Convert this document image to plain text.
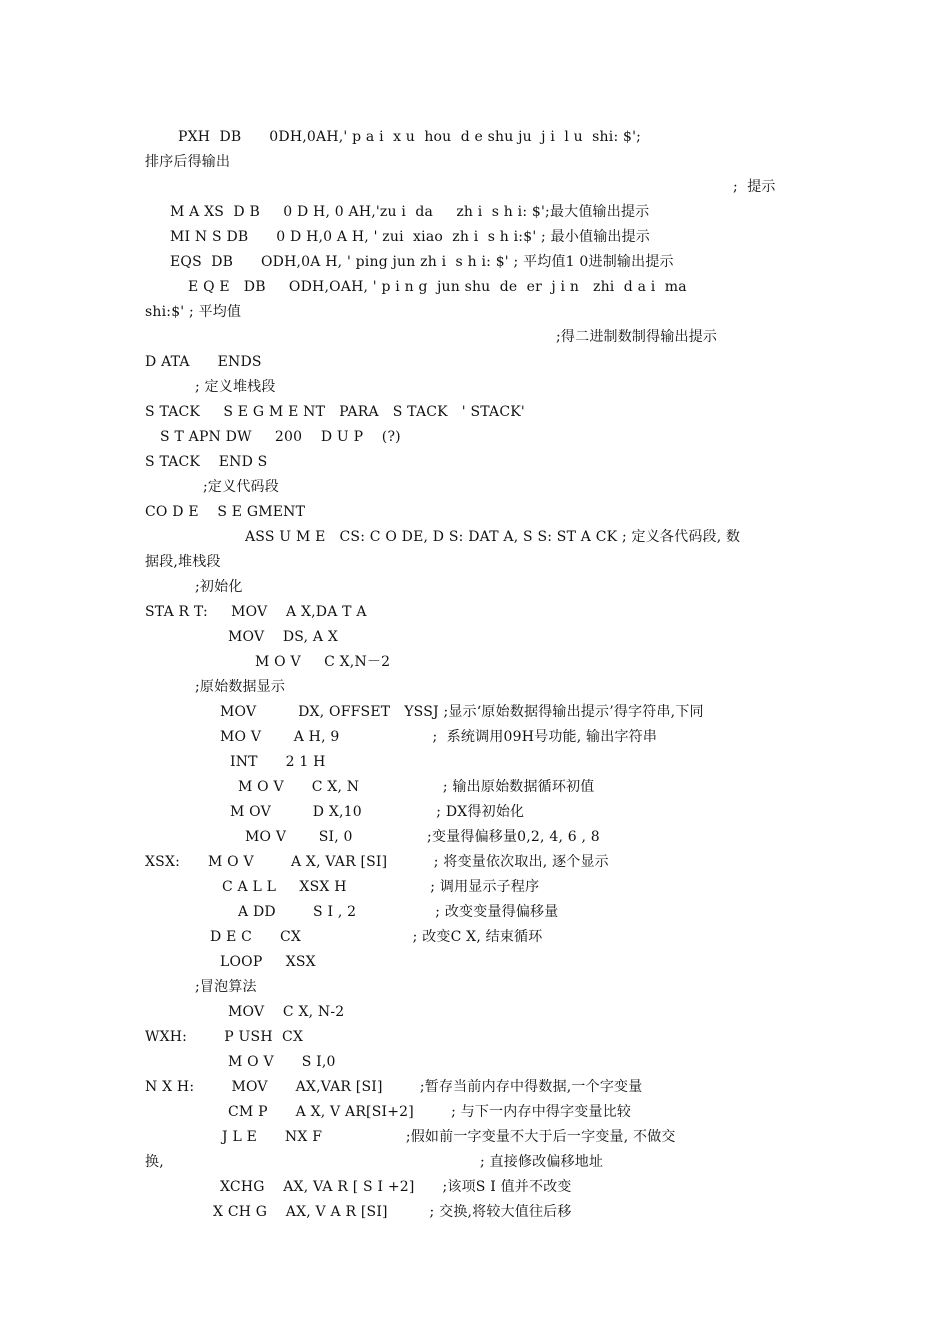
PXH  DB      0DH,0AH,' p a i  x u  hou  d e shu ju  j i  l u  shi: $';
排序后得输出
;  提示
M A XS  D B     0 D H, 0 AH,'zu i  da     zh i  s h i: $';最大值输出提示
MI N S DB      0 D H,0 A H, ' zui  xiao  zh i  s h i:$' ; 最小值输出提示
EQS  DB      ODH,0A H, ' ping jun zh i  s h i: $' ; 平均值1 0进制输出提示
E Q E   DB     ODH,OAH, ' p i n g  jun shu  de  er  j i n   zhi  d a i  ma
shi:$' ; 平均值
;得二进制数制得输出提示
D ATA      ENDS
; 定义堆栈段
S TACK     S E G M E NT   PARA   S TACK   ' STACK'
S T APN DW     200    D U P    (?)
S TACK    END S
;定义代码段
CO D E    S E GMENT
ASS U M E   CS: C O DE, D S: DAT A, S S: ST A CK ; 定义各代码段, 数
据段,堆栈段
;初始化
STA R T:     MOV    A X,DA T A
MOV    DS, A X
M O V     C X,N－2
;原始数据显示
MOV         DX, OFFSET   YSSJ ;显示‘原始数据得输出提示’得字符串,下同
MO V       A H, 9                    ;  系统调用09H号功能, 输出字符串
INT      2 1 H
M O V      C X, N                  ; 输出原始数据循环初值
M OV         D X,10                ; DX得初始化
MO V       SI, 0                ;变量得偏移量0,2, 4, 6 , 8
XSX:      M O V        A X, VAR [SI]          ; 将变量依次取出, 逐个显示
C A L L     XSX H                  ; 调用显示子程序
A DD        S I , 2                 ; 改变变量得偏移量
D E C      CX                        ; 改变C X, 结束循环
LOOP     XSX
;冒泡算法
MOV    C X, N-2
WXH:        P USH  CX
M O V      S I,0
N X H:        MOV      AX,VAR [SI]        ;暂存当前内存中得数据,一个字变量
CM P      A X, V AR[SI+2]        ; 与下一内存中得字变量比较
J L E      NX F                  ;假如前一字变量不大于后一字变量, 不做交
换,	; 直接修改偏移地址
XCHG    AX, VA R [ S I +2]      ;该项S I 值并不改变
X CH G    AX, V A R [SI]         ; 交换,将较大值往后移
